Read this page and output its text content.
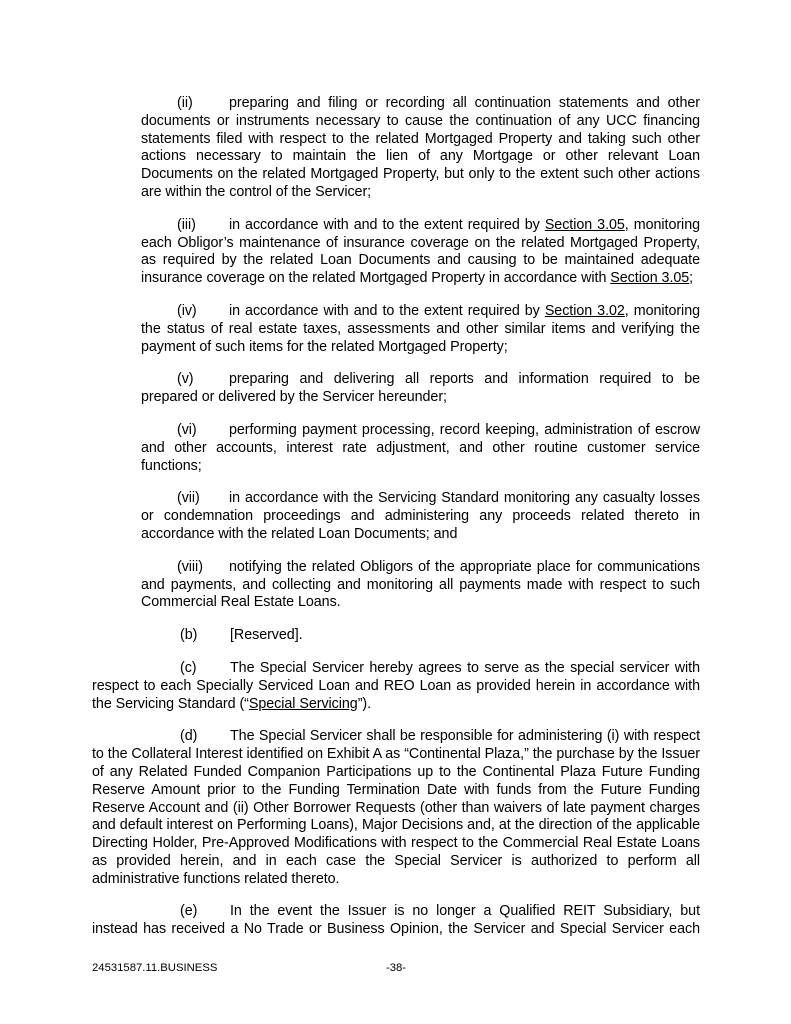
(ii)	preparing and filing or recording all continuation statements and other documents or instruments necessary to cause the continuation of any UCC financing statements filed with respect to the related Mortgaged Property and taking such other actions necessary to maintain the lien of any Mortgage or other relevant Loan Documents on the related Mortgaged Property, but only to the extent such other actions are within the control of the Servicer;

(iii) in accordance with and to the extent required by Section 3.05, monitoring each Obligor’s maintenance of insurance coverage on the related Mortgaged Property, as required by the related Loan Documents and causing to be maintained adequate insurance coverage on the related Mortgaged Property in accordance with Section 3.05;

(iv) in accordance with and to the extent required by Section 3.02, monitoring the status of real estate taxes, assessments and other similar items and verifying the payment of such items for the related Mortgaged Property;

(v) preparing and delivering all reports and information required to be prepared or delivered by the Servicer hereunder;

(vi) performing payment processing, record keeping, administration of escrow and other accounts, interest rate adjustment, and other routine customer service functions;

(vii) in accordance with the Servicing Standard monitoring any casualty losses or condemnation proceedings and administering any proceeds related thereto in accordance with the related Loan Documents; and

(viii) notifying the related Obligors of the appropriate place for communications and payments, and collecting and monitoring all payments made with respect to such Commercial Real Estate Loans.

(b) [Reserved].

(c) The Special Servicer hereby agrees to serve as the special servicer with respect to each Specially Serviced Loan and REO Loan as provided herein in accordance with the Servicing Standard (“Special Servicing”).

(d) The Special Servicer shall be responsible for administering (i) with respect to the Collateral Interest identified on Exhibit A as “Continental Plaza,” the purchase by the Issuer of any Related Funded Companion Participations up to the Continental Plaza Future Funding Reserve Amount prior to the Funding Termination Date with funds from the Future Funding Reserve Account and (ii) Other Borrower Requests (other than waivers of late payment charges and default interest on Performing Loans), Major Decisions and, at the direction of the applicable Directing Holder, Pre-Approved Modifications with respect to the Commercial Real Estate Loans as provided herein, and in each case the Special Servicer is authorized to perform all administrative functions related thereto.

(e) In the event the Issuer is no longer a Qualified REIT Subsidiary, but instead has received a No Trade or Business Opinion, the Servicer and Special Servicer each

-38-
24531587.11.BUSINESS
